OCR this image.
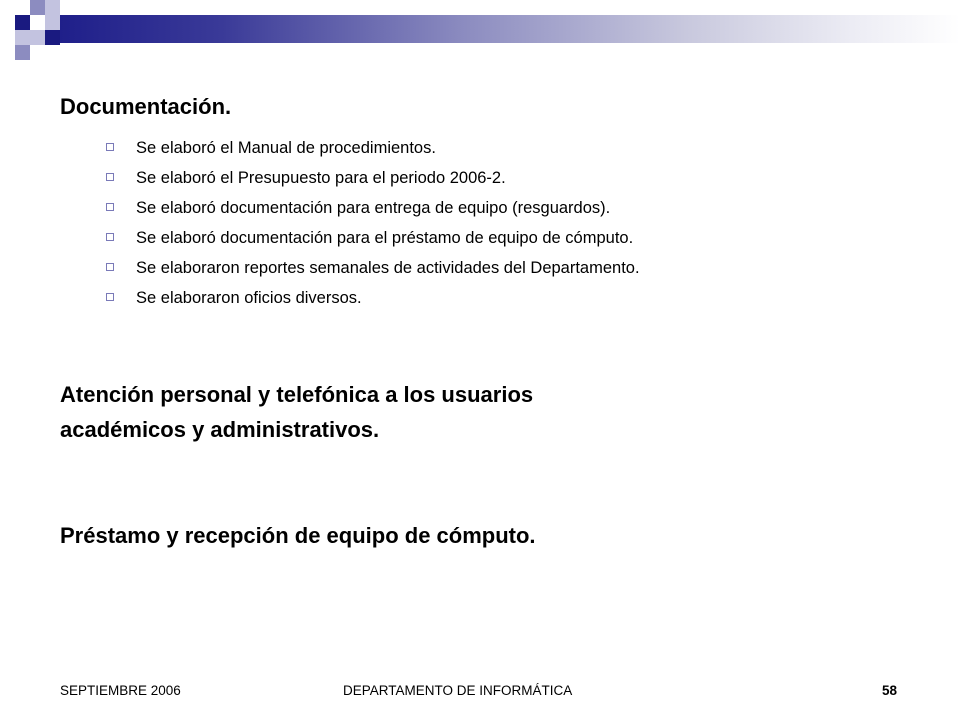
Documentación.
Se elaboró el Manual de procedimientos.
Se elaboró el Presupuesto para el periodo 2006-2.
Se elaboró documentación para entrega de equipo (resguardos).
Se elaboró documentación para el préstamo de equipo de cómputo.
Se elaboraron reportes semanales de actividades del Departamento.
Se elaboraron oficios diversos.
Atención personal y telefónica a los usuarios
académicos y administrativos.
Préstamo y recepción de equipo de cómputo.
SEPTIEMBRE 2006	DEPARTAMENTO DE INFORMÁTICA	58
